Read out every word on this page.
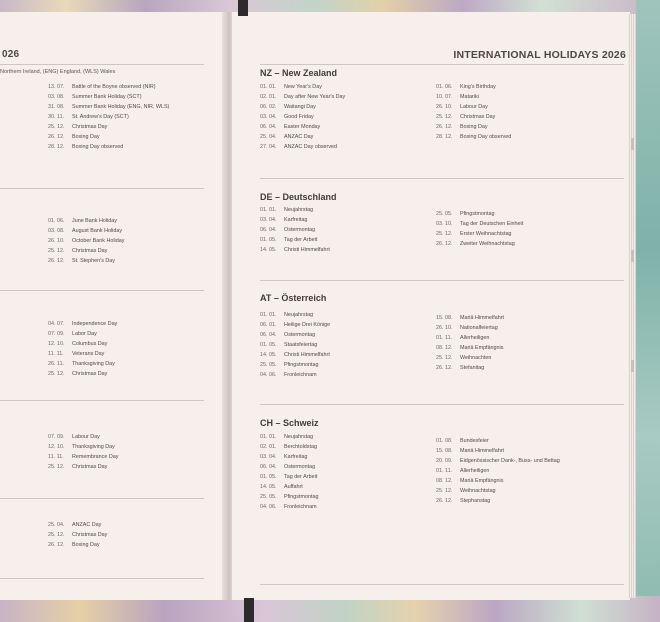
026
Northern Ireland, (ENG) England, (WLS) Wales
13. 07. Battle of the Boyne observed (NIR)
03. 08. Summer Bank Holiday (SCT)
31. 08. Summer Bank Holiday (ENG, NIR, WLS)
30. 11. St. Andrew's Day (SCT)
25. 12. Christmas Day
26. 12. Boxing Day
28. 12. Boxing Day observed
01. 06. June Bank Holiday
03. 08. August Bank Holiday
26. 10. October Bank Holiday
25. 12. Christmas Day
26. 12. St. Stephen's Day
04. 07. Independence Day
07. 09. Labor Day
12. 10. Columbus Day
11. 11. Veterans Day
26. 11. Thanksgiving Day
25. 12. Christmas Day
07. 09. Labour Day
12. 10. Thanksgiving Day
11. 11. Remembrance Day
25. 12. Christmas Day
25. 04. ANZAC Day
25. 12. Christmas Day
26. 12. Boxing Day
INTERNATIONAL HOLIDAYS 2026
NZ – New Zealand
01. 01. New Year's Day
02. 01. Day after New Year's Day
06. 02. Waitangi Day
03. 04. Good Friday
06. 04. Easter Monday
25. 04. ANZAC Day
27. 04. ANZAC Day observed
01. 06. King's Birthday
10. 07. Matariki
26. 10. Labour Day
25. 12. Christmas Day
26. 12. Boxing Day
28. 12. Boxing Day observed
DE – Deutschland
01. 01. Neujahrstag
03. 04. Karfreitag
06. 04. Ostermontag
01. 05. Tag der Arbeit
14. 05. Christi Himmelfahrt
25. 05. Pfingstmontag
03. 10. Tag der Deutschen Einheit
25. 12. Erster Weihnachtstag
26. 12. Zweiter Weihnachtstag
AT – Österreich
01. 01. Neujahrstag
06. 01. Heilige Drei Könige
06. 04. Ostermontag
01. 05. Staatsfeiertag
14. 05. Christi Himmelfahrt
25. 05. Pfingstmontag
04. 06. Fronleichnam
15. 08. Mariä Himmelfahrt
26. 10. Nationalfeiertag
01. 11. Allerheiligen
08. 12. Mariä Empfängnis
25. 12. Weihnachten
26. 12. Stefanitag
CH – Schweiz
01. 01. Neujahrstag
02. 01. Berchtoldstag
03. 04. Karfreitag
06. 04. Ostermontag
01. 05. Tag der Arbeit
14. 05. Auffahrt
25. 05. Pfingstmontag
04. 06. Fronleichnam
01. 08. Bundesfeier
15. 08. Mariä Himmelfahrt
20. 09. Eidgenössischer Dank-, Buss- und Bettag
01. 11. Allerheiligen
08. 12. Mariä Empfängnis
25. 12. Weihnachtstag
26. 12. Stephanstag
